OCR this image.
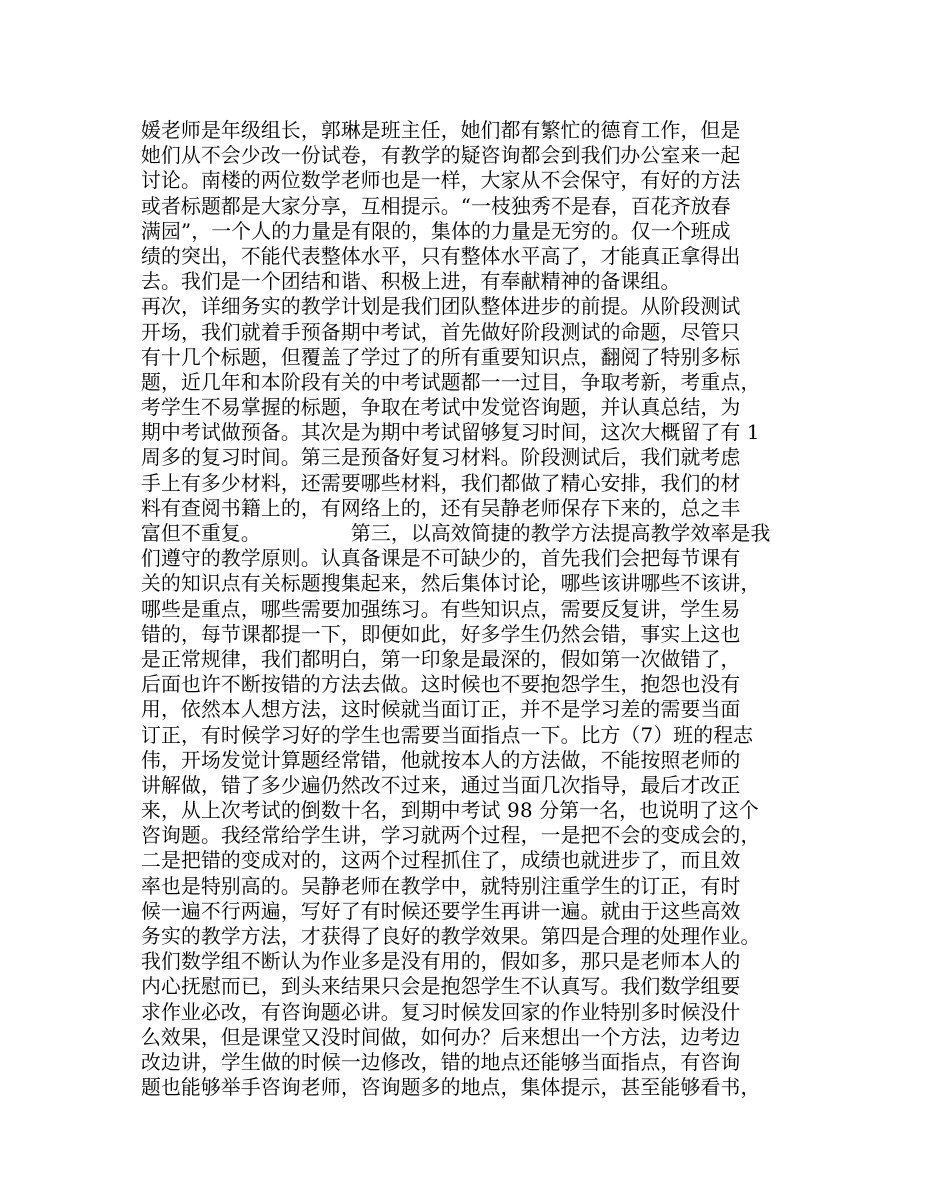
媛老师是年级组长，郭琳是班主任，她们都有繁忙的德育工作，但是
她们从不会少改一份试卷，有教学的疑咨询都会到我们办公室来一起
讨论。南楼的两位数学老师也是一样，大家从不会保守，有好的方法
或者标题都是大家分享，互相提示。“一枝独秀不是春，百花齐放春
满园”，一个人的力量是有限的，集体的力量是无穷的。仅一个班成
绩的突出，不能代表整体水平，只有整体水平高了，才能真正拿得出
去。我们是一个团结和谐、积极上进，有奉献精神的备课组。
再次，详细务实的教学计划是我们团队整体进步的前提。从阶段测试
开场，我们就着手预备期中考试，首先做好阶段测试的命题，尽管只
有十几个标题，但覆盖了学过了的所有重要知识点，翻阅了特别多标
题，近几年和本阶段有关的中考试题都一一过目，争取考新，考重点，
考学生不易掌握的标题，争取在考试中发觉咨询题，并认真总结，为
期中考试做预备。其次是为期中考试留够复习时间，这次大概留了有 1
周多的复习时间。第三是预备好复习材料。阶段测试后，我们就考虑
手上有多少材料，还需要哪些材料，我们都做了精心安排，我们的材
料有查阅书籍上的，有网络上的，还有吴静老师保存下来的，总之丰
富但不重复。　　　　　第三，以高效简捷的教学方法提高教学效率是我
们遵守的教学原则。认真备课是不可缺少的，首先我们会把每节课有
关的知识点有关标题搜集起来，然后集体讨论，哪些该讲哪些不该讲，
哪些是重点，哪些需要加强练习。有些知识点，需要反复讲，学生易
错的，每节课都提一下，即便如此，好多学生仍然会错，事实上这也
是正常规律，我们都明白，第一印象是最深的，假如第一次做错了，
后面也许不断按错的方法去做。这时候也不要抱怨学生，抱怨也没有
用，依然本人想方法，这时候就当面订正，并不是学习差的需要当面
订正，有时候学习好的学生也需要当面指点一下。比方（7）班的程志
伟，开场发觉计算题经常错，他就按本人的方法做，不能按照老师的
讲解做，错了多少遍仍然改不过来，通过当面几次指导，最后才改正
来，从上次考试的倒数十名，到期中考试 98 分第一名，也说明了这个
咨询题。我经常给学生讲，学习就两个过程，一是把不会的变成会的，
二是把错的变成对的，这两个过程抓住了，成绩也就进步了，而且效
率也是特别高的。吴静老师在教学中，就特别注重学生的订正，有时
候一遍不行两遍，写好了有时候还要学生再讲一遍。就由于这些高效
务实的教学方法，才获得了良好的教学效果。第四是合理的处理作业。
我们数学组不断认为作业多是没有用的，假如多，那只是老师本人的
内心抚慰而已，到头来结果只会是抱怨学生不认真写。我们数学组要
求作业必改，有咨询题必讲。复习时候发回家的作业特别多时候没什
么效果，但是课堂又没时间做，如何办？后来想出一个方法，边考边
改边讲，学生做的时候一边修改，错的地点还能够当面指点，有咨询
题也能够举手咨询老师，咨询题多的地点，集体提示，甚至能够看书，
